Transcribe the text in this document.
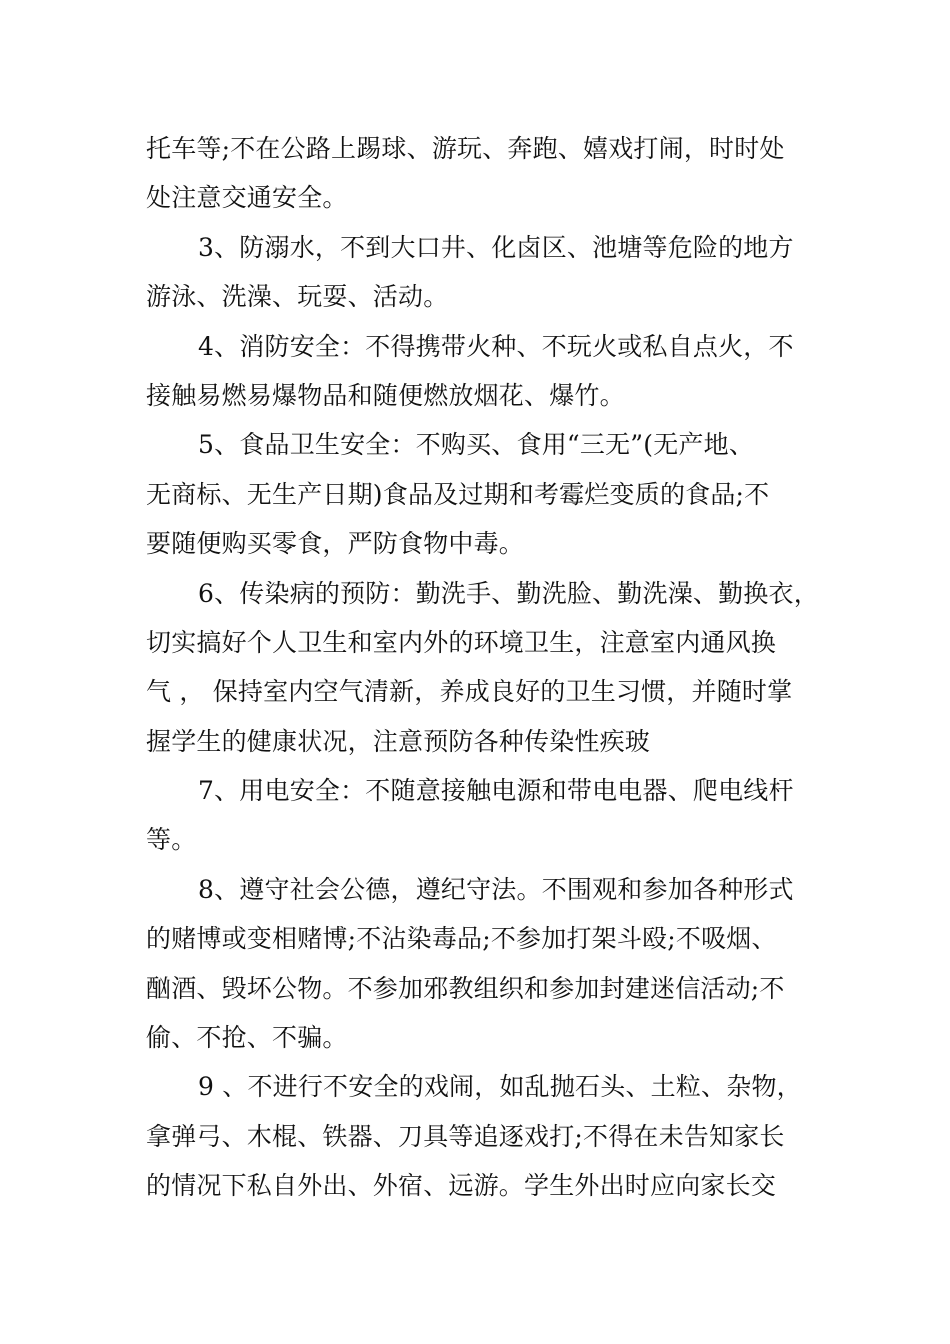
托车等;不在公路上踢球、游玩、奔跑、嬉戏打闹，时时处
处注意交通安全。
3、防溺水，不到大口井、化卤区、池塘等危险的地方
游泳、洗澡、玩耍、活动。
4、消防安全：不得携带火种、不玩火或私自点火，不
接触易燃易爆物品和随便燃放烟花、爆竹。
5、食品卫生安全：不购买、食用“三无”(无产地、
无商标、无生产日期)食品及过期和考霉烂变质的食品;不
要随便购买零食，严防食物中毒。
6、传染病的预防：勤洗手、勤洗脸、勤洗澡、勤换衣，
切实搞好个人卫生和室内外的环境卫生，注意室内通风换
气 ， 保持室内空气清新，养成良好的卫生习惯，并随时掌
握学生的健康状况，注意预防各种传染性疾玻
7、用电安全：不随意接触电源和带电电器、爬电线杆
等。
8、遵守社会公德，遵纪守法。不围观和参加各种形式
的赌博或变相赌博;不沾染毒品;不参加打架斗殴;不吸烟、
酗酒、毁坏公物。不参加邪教组织和参加封建迷信活动;不
偷、不抢、不骗。
9 、不进行不安全的戏闹，如乱抛石头、土粒、杂物，
拿弹弓、木棍、铁器、刀具等追逐戏打;不得在未告知家长
的情况下私自外出、外宿、远游。学生外出时应向家长交
